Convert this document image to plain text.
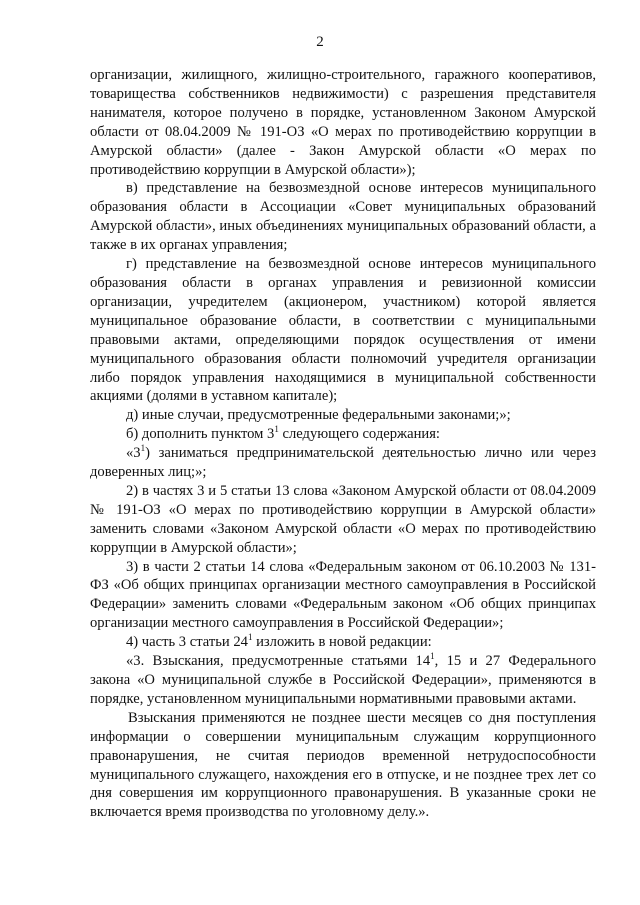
2

организации, жилищного, жилищно-строительного, гаражного кооперативов, товарищества собственников недвижимости) с разрешения представителя нанимателя, которое получено в порядке, установленном Законом Амурской области от 08.04.2009 № 191-ОЗ «О мерах по противодействию коррупции в Амурской области» (далее - Закон Амурской области «О мерах по противодействию коррупции в Амурской области»);

в) представление на безвозмездной основе интересов муниципального образования области в Ассоциации «Совет муниципальных образований Амурской области», иных объединениях муниципальных образований области, а также в их органах управления;

г) представление на безвозмездной основе интересов муниципального образования области в органах управления и ревизионной комиссии организации, учредителем (акционером, участником) которой является муниципальное образование области, в соответствии с муниципальными правовыми актами, определяющими порядок осуществления от имени муниципального образования области полномочий учредителя организации либо порядок управления находящимися в муниципальной собственности акциями (долями в уставном капитале);

д) иные случаи, предусмотренные федеральными законами;»;

б) дополнить пунктом $3^1$ следующего содержания:

«$3^1$) заниматься предпринимательской деятельностью лично или через доверенных лиц;»;

2) в частях 3 и 5 статьи 13 слова «Законом Амурской области от 08.04.2009 № 191-ОЗ «О мерах по противодействию коррупции в Амурской области» заменить словами «Законом Амурской области «О мерах по противодействию коррупции в Амурской области»;

3) в части 2 статьи 14 слова «Федеральным законом от 06.10.2003 № 131-ФЗ «Об общих принципах организации местного самоуправления в Российской Федерации» заменить словами «Федеральным законом «Об общих принципах организации местного самоуправления в Российской Федерации»;

4) часть 3 статьи $24^1$ изложить в новой редакции:

«3. Взыскания, предусмотренные статьями $14^1$, 15 и 27 Федерального закона «О муниципальной службе в Российской Федерации», применяются в порядке, установленном муниципальными нормативными правовыми актами.

Взыскания применяются не позднее шести месяцев со дня поступления информации о совершении муниципальным служащим коррупционного правонарушения, не считая периодов временной нетрудоспособности муниципального служащего, нахождения его в отпуске, и не позднее трех лет со дня совершения им коррупционного правонарушения. В указанные сроки не включается время производства по уголовному делу.».
